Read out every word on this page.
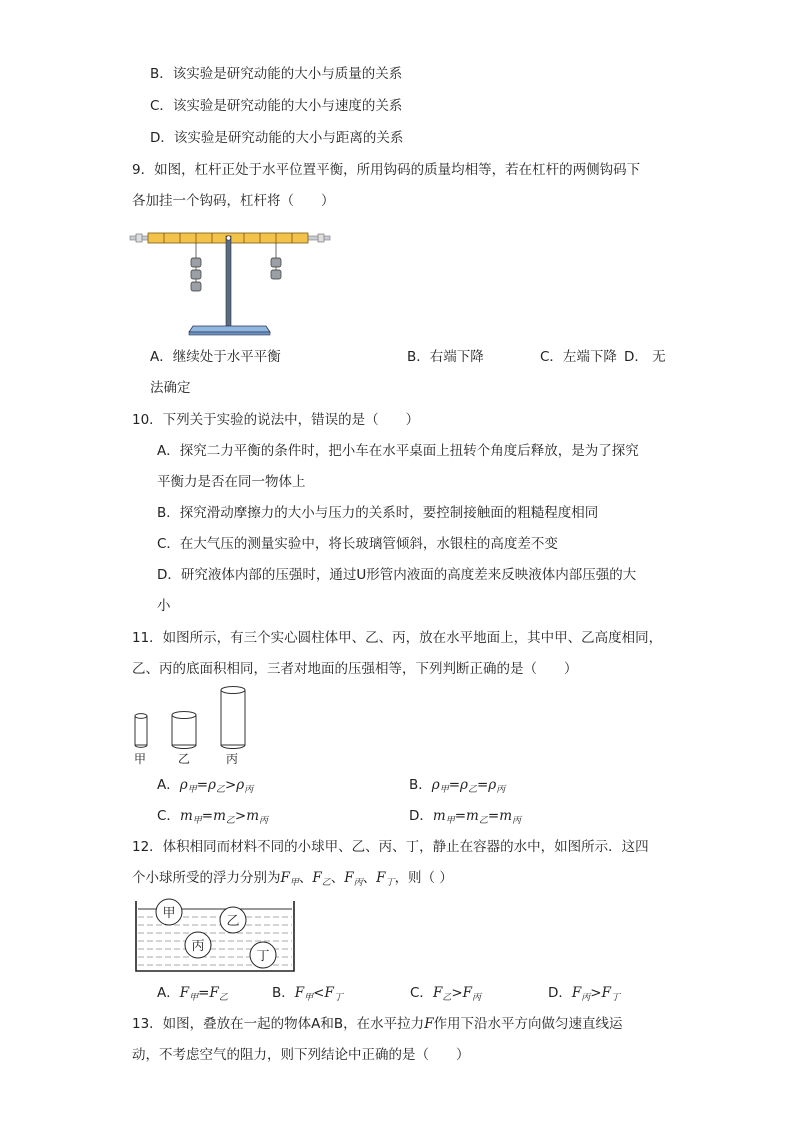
B．该实验是研究动能的大小与质量的关系
C．该实验是研究动能的大小与速度的关系
D．该实验是研究动能的大小与距离的关系
9．如图，杠杆正处于水平位置平衡，所用钩码的质量均相等，若在杠杆的两侧钩码下
各加挂一个钩码，杠杆将（　　）
A．继续处于水平平衡	B．右端下降	C．左端下降 D． 无
法确定
10．下列关于实验的说法中，错误的是（　　）
A．探究二力平衡的条件时，把小车在水平桌面上扭转个角度后释放，是为了探究
平衡力是否在同一物体上
B．探究滑动摩擦力的大小与压力的关系时，要控制接触面的粗糙程度相同
C．在大气压的测量实验中，将长玻璃管倾斜，水银柱的高度差不变
D．研究液体内部的压强时，通过U形管内液面的高度差来反映液体内部压强的大
小
11．如图所示，有三个实心圆柱体甲、乙、丙，放在水平地面上，其中甲、乙高度相同，
乙、丙的底面积相同，三者对地面的压强相等，下列判断正确的是（　　）
甲	乙	丙
A．$\rho_甲=\rho_乙>\rho_丙$	B．$\rho_甲=\rho_乙=\rho_丙$
C．$m_甲=m_乙>m_丙$	D．$m_甲=m_乙=m_丙$
12．体积相同而材料不同的小球甲、乙、丙、丁，静止在容器的水中，如图所示．这四
个小球所受的浮力分别为$F_甲$、$F_乙$、$F_丙$、$F_丁$，则（ ）
甲
乙
丙
丁
A．$F_甲=F_乙$	B．$F_甲<F_丁$	C．$F_乙>F_丙$	D．$F_丙>F_丁$
13．如图，叠放在一起的物体A和B，在水平拉力F作用下沿水平方向做匀速直线运
动，不考虑空气的阻力，则下列结论中正确的是（　　）
